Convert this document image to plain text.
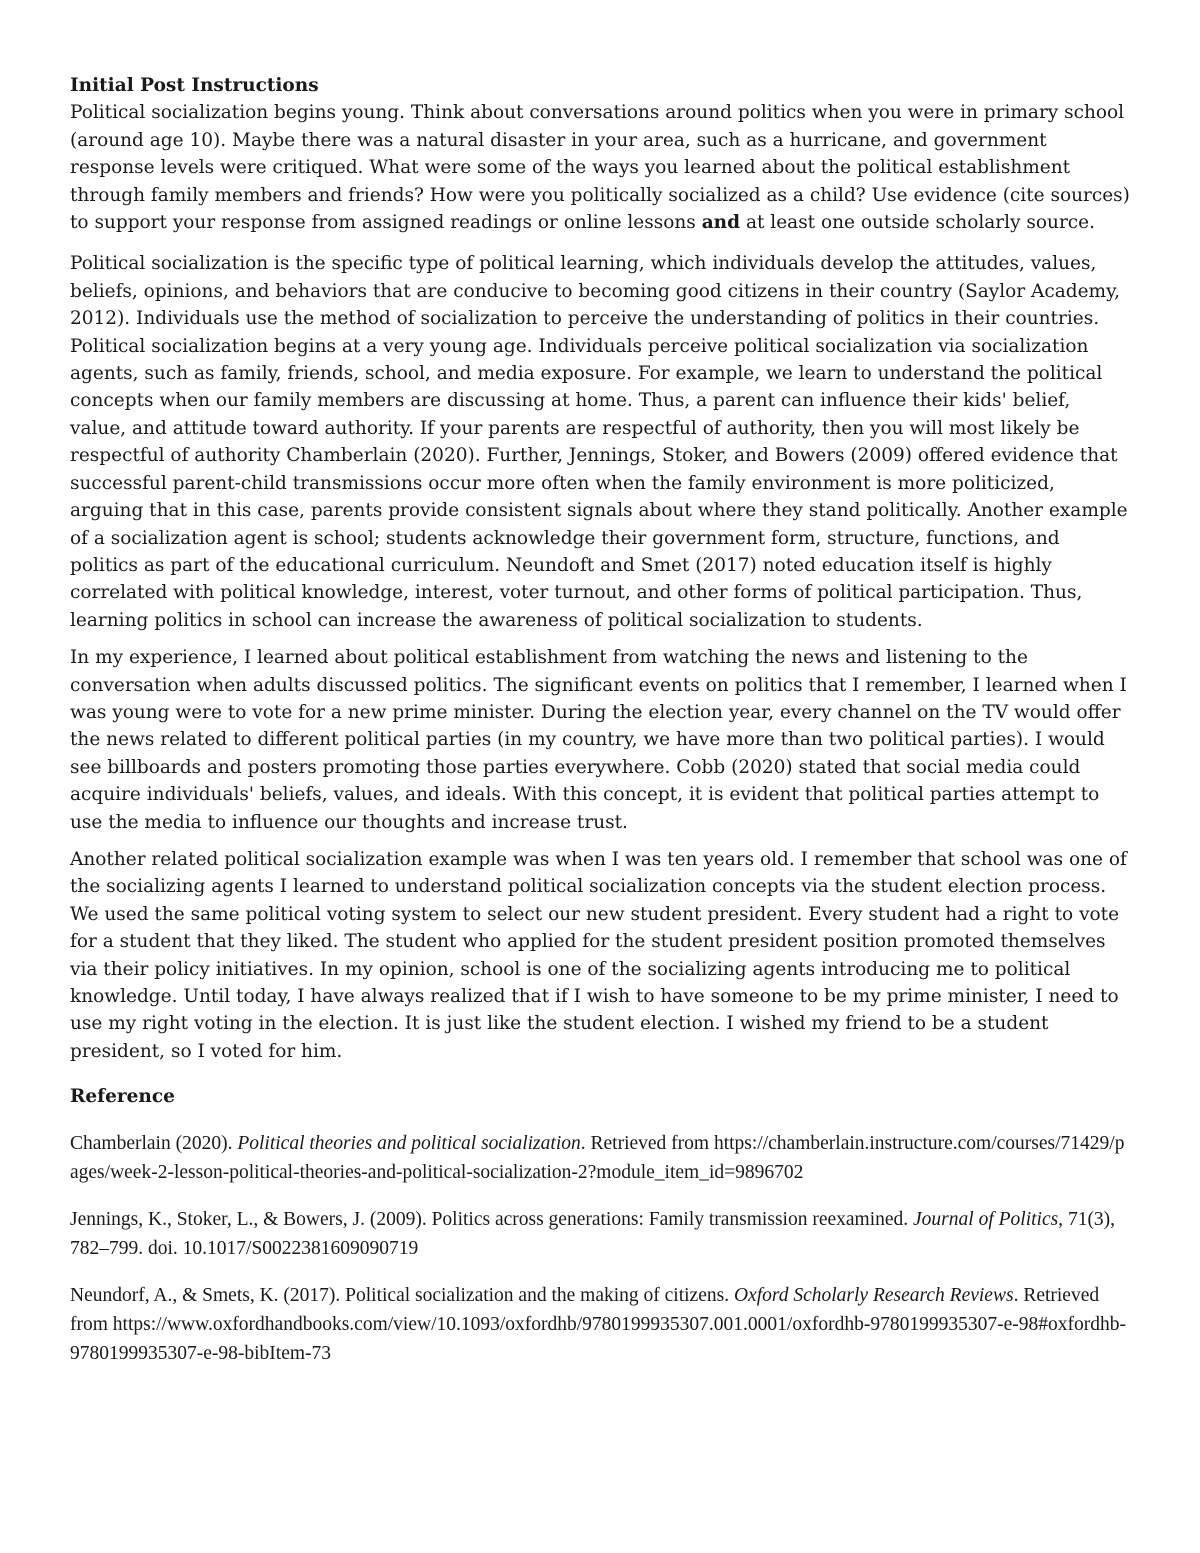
Initial Post Instructions
Political socialization begins young. Think about conversations around politics when you were in primary school (around age 10). Maybe there was a natural disaster in your area, such as a hurricane, and government response levels were critiqued. What were some of the ways you learned about the political establishment through family members and friends? How were you politically socialized as a child? Use evidence (cite sources) to support your response from assigned readings or online lessons and at least one outside scholarly source.

Political socialization is the specific type of political learning, which individuals develop the attitudes, values, beliefs, opinions, and behaviors that are conducive to becoming good citizens in their country (Saylor Academy, 2012). Individuals use the method of socialization to perceive the understanding of politics in their countries. Political socialization begins at a very young age. Individuals perceive political socialization via socialization agents, such as family, friends, school, and media exposure. For example, we learn to understand the political concepts when our family members are discussing at home. Thus, a parent can influence their kids' belief, value, and attitude toward authority. If your parents are respectful of authority, then you will most likely be respectful of authority Chamberlain (2020). Further, Jennings, Stoker, and Bowers (2009) offered evidence that successful parent-child transmissions occur more often when the family environment is more politicized, arguing that in this case, parents provide consistent signals about where they stand politically. Another example of a socialization agent is school; students acknowledge their government form, structure, functions, and politics as part of the educational curriculum. Neundoft and Smet (2017) noted education itself is highly correlated with political knowledge, interest, voter turnout, and other forms of political participation. Thus, learning politics in school can increase the awareness of political socialization to students.

In my experience, I learned about political establishment from watching the news and listening to the conversation when adults discussed politics. The significant events on politics that I remember, I learned when I was young were to vote for a new prime minister. During the election year, every channel on the TV would offer the news related to different political parties (in my country, we have more than two political parties). I would see billboards and posters promoting those parties everywhere. Cobb (2020) stated that social media could acquire individuals' beliefs, values, and ideals. With this concept, it is evident that political parties attempt to use the media to influence our thoughts and increase trust.

Another related political socialization example was when I was ten years old. I remember that school was one of the socializing agents I learned to understand political socialization concepts via the student election process. We used the same political voting system to select our new student president. Every student had a right to vote for a student that they liked. The student who applied for the student president position promoted themselves via their policy initiatives. In my opinion, school is one of the socializing agents introducing me to political knowledge. Until today, I have always realized that if I wish to have someone to be my prime minister, I need to use my right voting in the election. It is just like the student election. I wished my friend to be a student president, so I voted for him.

Reference

Chamberlain (2020). Political theories and political socialization. Retrieved from https://chamberlain.instructure.com/courses/71429/pages/week-2-lesson-political-theories-and-political-socialization-2?module_item_id=9896702

Jennings, K., Stoker, L., & Bowers, J. (2009). Politics across generations: Family transmission reexamined. Journal of Politics, 71(3), 782–799. doi. 10.1017/S0022381609090719

Neundorf, A., & Smets, K. (2017). Political socialization and the making of citizens. Oxford Scholarly Research Reviews. Retrieved from https://www.oxfordhandbooks.com/view/10.1093/oxfordhb/9780199935307.001.0001/oxfordhb-9780199935307-e-98#oxfordhb-9780199935307-e-98-bibItem-73
